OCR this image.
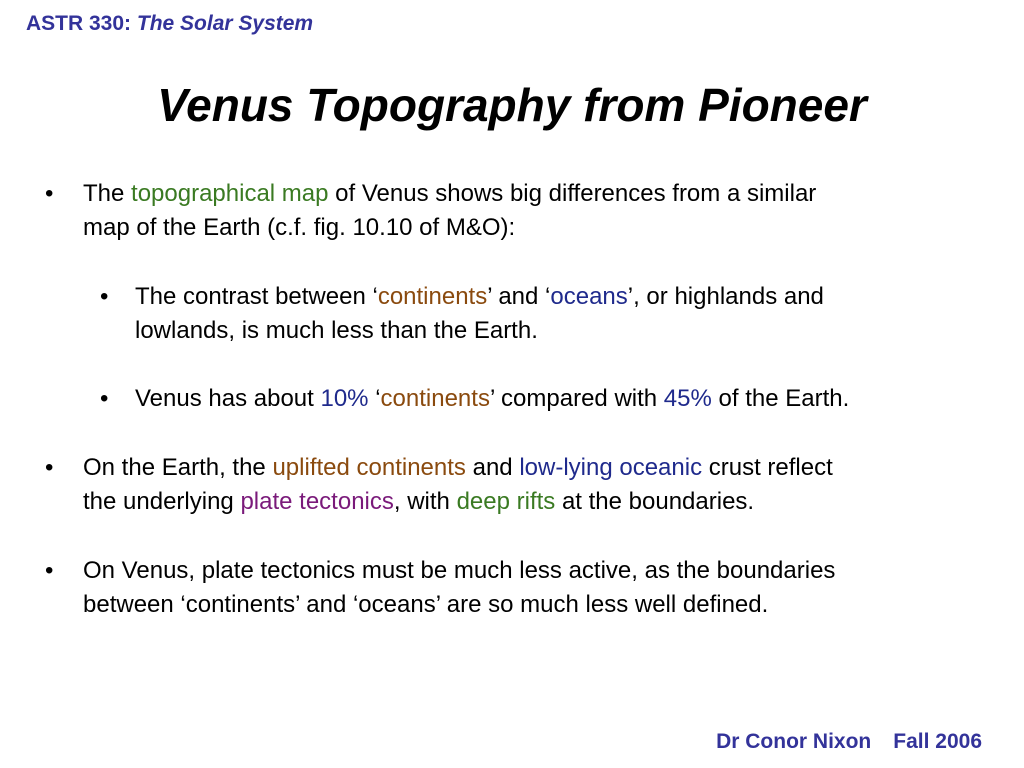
ASTR 330: The Solar System
Venus Topography from Pioneer
• The topographical map of Venus shows big differences from a similar
map of the Earth (c.f. fig. 10.10 of M&O):
• The contrast between ‘continents’ and ‘oceans’, or highlands and
lowlands, is much less than the Earth.
• Venus has about 10% ‘continents’ compared with 45% of the Earth.
• On the Earth, the uplifted continents and low-lying oceanic crust reflect
the underlying plate tectonics, with deep rifts at the boundaries.
• On Venus, plate tectonics must be much less active, as the boundaries
between ‘continents’ and ‘oceans’ are so much less well defined.
Dr Conor Nixon Fall 2006
